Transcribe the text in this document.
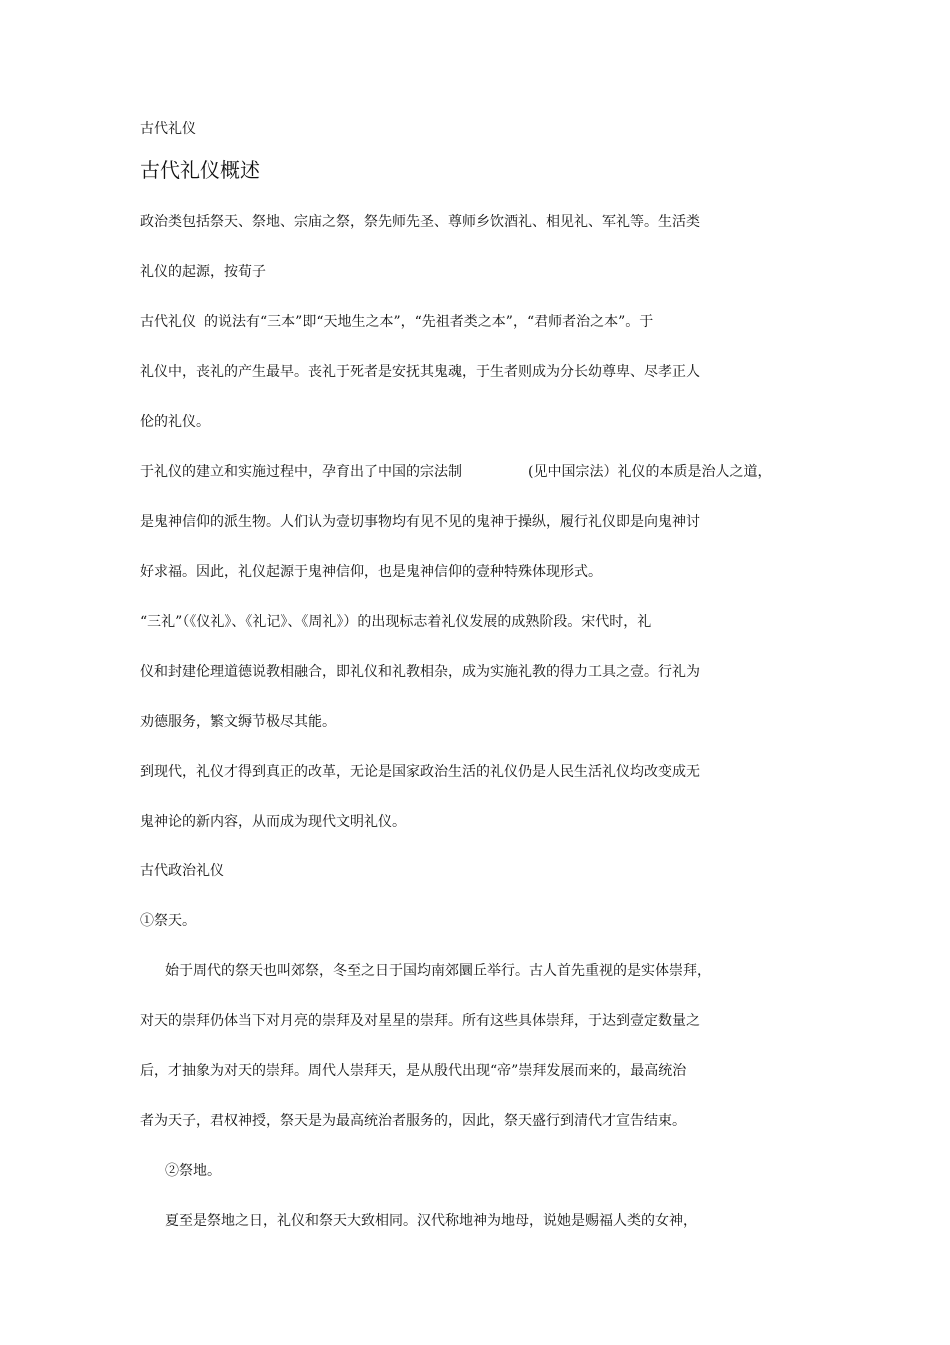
古代礼仪
古代礼仪概述
政治类包括祭天、祭地、宗庙之祭，祭先师先圣、尊师乡饮酒礼、相见礼、军礼等。生活类
礼仪的起源，按荀子
古代礼仪 的说法有“三本”即“天地生之本”，“先祖者类之本”，“君师者治之本”。于
礼仪中，丧礼的产生最早。丧礼于死者是安抚其鬼魂，于生者则成为分长幼尊卑、尽孝正人
伦的礼仪。
于礼仪的建立和实施过程中，孕育出了中国的宗法制	(见中国宗法）礼仪的本质是治人之道，
是鬼神信仰的派生物。人们认为壹切事物均有见不见的鬼神于操纵，履行礼仪即是向鬼神讨
好求福。因此，礼仪起源于鬼神信仰，也是鬼神信仰的壹种特殊体现形式。
“三礼”（《仪礼》、《礼记》、《周礼》）的出现标志着礼仪发展的成熟阶段。宋代时，礼
仪和封建伦理道德说教相融合，即礼仪和礼教相杂，成为实施礼教的得力工具之壹。行礼为
劝德服务，繁文缛节极尽其能。
到现代，礼仪才得到真正的改革，无论是国家政治生活的礼仪仍是人民生活礼仪均改变成无
鬼神论的新内容，从而成为现代文明礼仪。
古代政治礼仪
①祭天。
始于周代的祭天也叫郊祭，冬至之日于国均南郊圜丘举行。古人首先重视的是实体崇拜，
对天的崇拜仍体当下对月亮的崇拜及对星星的崇拜。所有这些具体崇拜，于达到壹定数量之
后，才抽象为对天的崇拜。周代人崇拜天，是从殷代出现“帝”崇拜发展而来的，最高统治
者为天子，君权神授，祭天是为最高统治者服务的，因此，祭天盛行到清代才宣告结束。
②祭地。
夏至是祭地之日，礼仪和祭天大致相同。汉代称地神为地母，说她是赐福人类的女神，
